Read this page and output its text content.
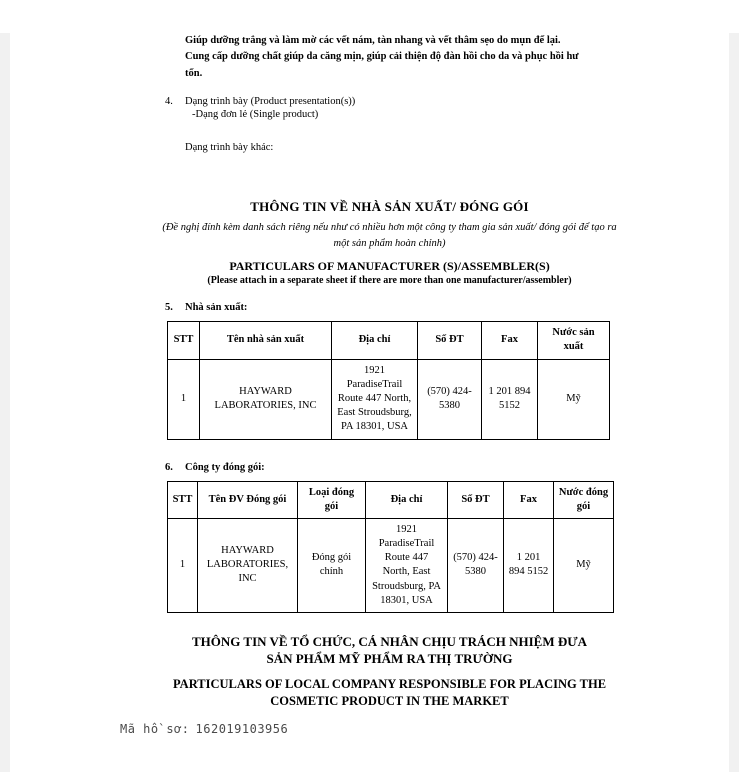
Giúp dưỡng trắng và làm mờ các vết nám, tàn nhang và vết thâm sẹo do mụn để lại. Cung cấp dưỡng chất giúp da căng mịn, giúp cải thiện độ đàn hồi cho da và phục hồi hư tổn.

4. Dạng trình bày (Product presentation(s))
-Dạng đơn lẻ (Single product)
Dạng trình bày khác:
THÔNG TIN VỀ NHÀ SẢN XUẤT/ ĐÓNG GÓI
(Đề nghị đính kèm danh sách riêng nếu như có nhiều hơn một công ty tham gia sản xuất/ đóng gói để tạo ra một sản phẩm hoàn chỉnh)
PARTICULARS OF MANUFACTURER (S)/ASSEMBLER(S)
(Please attach in a separate sheet if there are more than one manufacturer/assembler)
5. Nhà sản xuất:
STT	Tên nhà sản xuất	Địa chỉ	Số ĐT	Fax	Nước sản xuất
1	HAYWARD LABORATORIES, INC	1921 ParadiseTrail Route 447 North, East Stroudsburg, PA 18301, USA	(570) 424-5380	1 201 894 5152	Mỹ
6. Công ty đóng gói:
STT	Tên ĐV Đóng gói	Loại đóng gói	Địa chỉ	Số ĐT	Fax	Nước đóng gói
1	HAYWARD LABORATORIES, INC	Đóng gói chính	1921 ParadiseTrail Route 447 North, East Stroudsburg, PA 18301, USA	(570) 424-5380	1 201 894 5152	Mỹ
THÔNG TIN VỀ TỔ CHỨC, CÁ NHÂN CHỊU TRÁCH NHIỆM ĐƯA SẢN PHẨM MỸ PHẨM RA THỊ TRƯỜNG
PARTICULARS OF LOCAL COMPANY RESPONSIBLE FOR PLACING THE COSMETIC PRODUCT IN THE MARKET
Mã hồ sơ: 162019103956
